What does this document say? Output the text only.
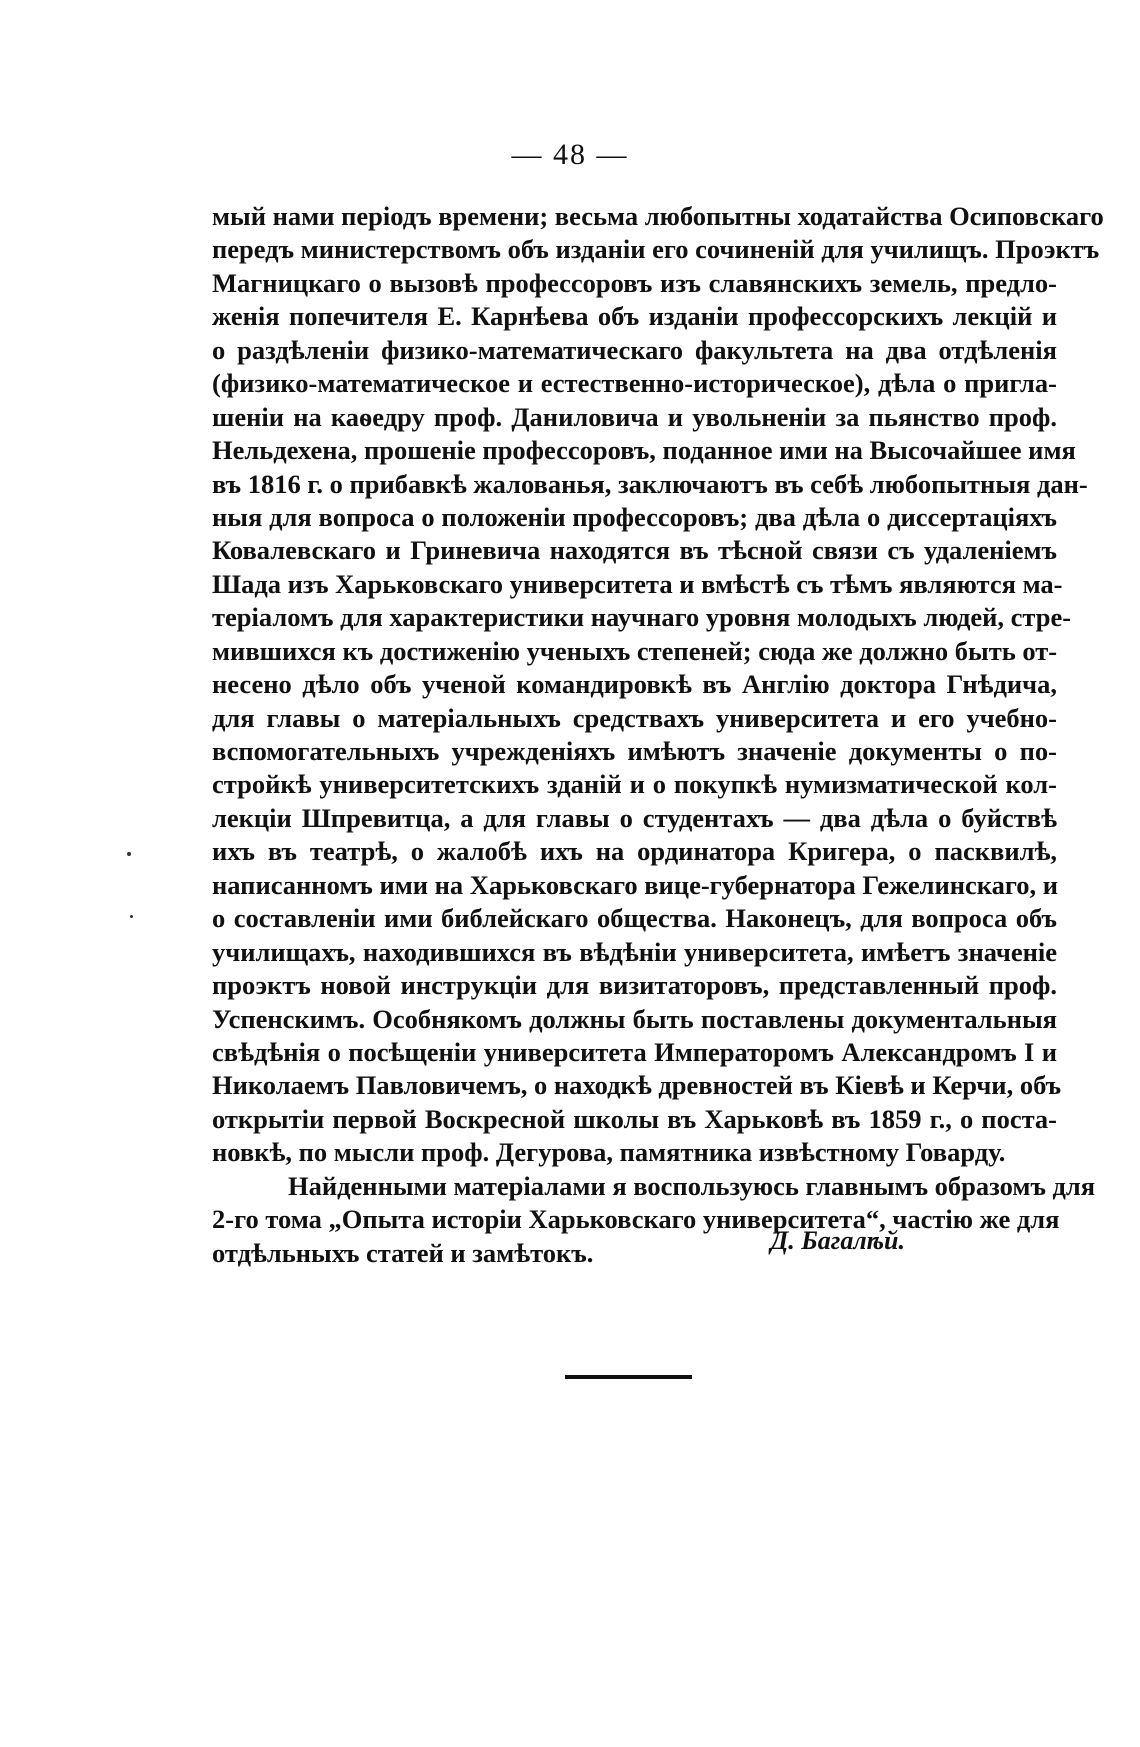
— 48 —
мый нами періодъ времени; весьма любопытны ходатайства Осиповскаго
передъ министерствомъ объ изданіи его сочиненій для училищъ. Проэктъ
Магницкаго о вызовѣ профессоровъ изъ славянскихъ земель, предло-
женія попечителя Е. Карнѣева объ изданіи профессорскихъ лекцій и
о раздѣленіи физико-математическаго факультета на два отдѣленія
(физико-математическое и естественно-историческое), дѣла о пригла-
шеніи на каѳедру проф. Даниловича и увольненіи за пьянство проф.
Нельдехена, прошеніе профессоровъ, поданное ими на Высочайшее имя
въ 1816 г. о прибавкѣ жалованья, заключаютъ въ себѣ любопытныя дан-
ныя для вопроса о положеніи профессоровъ; два дѣла о диссертаціяхъ
Ковалевскаго и Гриневича находятся въ тѣсной связи съ удаленіемъ
Шада изъ Харьковскаго университета и вмѣстѣ съ тѣмъ являются ма-
теріаломъ для характеристики научнаго уровня молодыхъ людей, стре-
мившихся къ достиженію ученыхъ степеней; сюда же должно быть от-
несено дѣло объ ученой командировкѣ въ Англію доктора Гнѣдича,
для главы о матеріальныхъ средствахъ университета и его учебно-
вспомогательныхъ учрежденіяхъ имѣютъ значеніе документы о по-
стройкѣ университетскихъ зданій и о покупкѣ нумизматической кол-
лекціи Шпревитца, а для главы о студентахъ — два дѣла о буйствѣ
ихъ въ театрѣ, о жалобѣ ихъ на ординатора Кригера, о пасквилѣ,
написанномъ ими на Харьковскаго вице-губернатора Гежелинскаго, и
о составленіи ими библейскаго общества. Наконецъ, для вопроса объ
училищахъ, находившихся въ вѣдѣніи университета, имѣетъ значеніе
проэктъ новой инструкціи для визитаторовъ, представленный проф.
Успенскимъ. Особнякомъ должны быть поставлены документальныя
свѣдѣнія о посѣщеніи университета Императоромъ Александромъ I и
Николаемъ Павловичемъ, о находкѣ древностей въ Кіевѣ и Керчи, объ
открытіи первой Воскресной школы въ Харьковѣ въ 1859 г., о поста-
новкѣ, по мысли проф. Дегурова, памятника извѣстному Говарду.
Найденными матеріалами я воспользуюсь главнымъ образомъ для
2-го тома „Опыта исторіи Харьковскаго университета“, частію же для
отдѣльныхъ статей и замѣтокъ.	Д. Багалѣй.
